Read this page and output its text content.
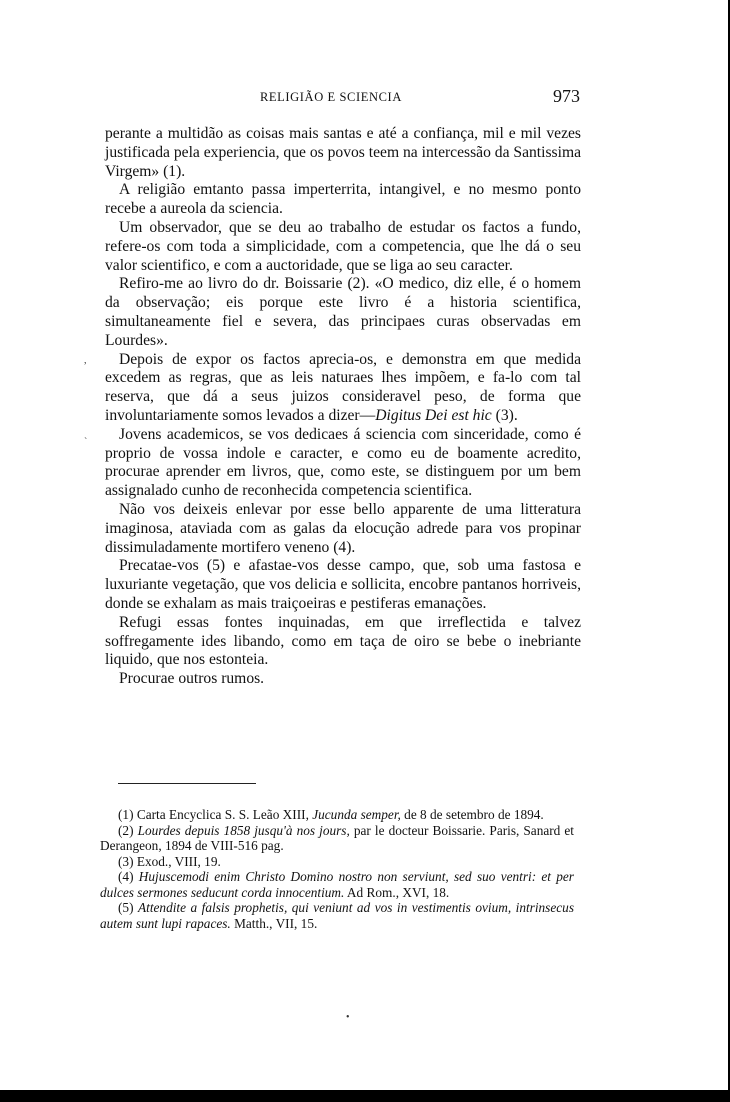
RELIGIÃO E SCIENCIA	973

perante a multidão as coisas mais santas e até a confiança, mil e mil vezes justificada pela experiencia, que os povos teem na intercessão da Santissima Virgem» (1).

A religião emtanto passa imperterrita, intangivel, e no mesmo ponto recebe a aureola da sciencia.

Um observador, que se deu ao trabalho de estudar os factos a fundo, refere-os com toda a simplicidade, com a competencia, que lhe dá o seu valor scientifico, e com a auctoridade, que se liga ao seu caracter.

Refiro-me ao livro do dr. Boissarie (2). «O medico, diz elle, é o homem da observação; eis porque este livro é a historia scientifica, simultaneamente fiel e severa, das principaes curas observadas em Lourdes».

Depois de expor os factos aprecia-os, e demonstra em que medida excedem as regras, que as leis naturaes lhes impõem, e fa-lo com tal reserva, que dá a seus juizos consideravel peso, de forma que involuntariamente somos levados a dizer—Digitus Dei est hic (3).

Jovens academicos, se vos dedicaes á sciencia com sinceridade, como é proprio de vossa indole e caracter, e como eu de boamente acredito, procurae aprender em livros, que, como este, se distinguem por um bem assignalado cunho de reconhecida competencia scientifica.

Não vos deixeis enlevar por esse bello apparente de uma litteratura imaginosa, ataviada com as galas da elocução adrede para vos propinar dissimuladamente mortifero veneno (4).

Precatae-vos (5) e afastae-vos desse campo, que, sob uma fastosa e luxuriante vegetação, que vos delicia e sollicita, encobre pantanos horriveis, donde se exhalam as mais traiçoeiras e pestiferas emanações.

Refugi essas fontes inquinadas, em que irreflectida e talvez soffregamente ides libando, como em taça de oiro se bebe o inebriante liquido, que nos estonteia.

Procurae outros rumos.

(1) Carta Encyclica S. S. Leão XIII, Jucunda semper, de 8 de setembro de 1894.

(2) Lourdes depuis 1858 jusqu'à nos jours, par le docteur Boissarie. Paris, Sanard et Derangeon, 1894 de VIII-516 pag.

(3) Exod., VIII, 19.

(4) Hujuscemodi enim Christo Domino nostro non serviunt, sed suo ventri: et per dulces sermones seducunt corda innocentium. Ad Rom., XVI, 18.

(5) Attendite a falsis prophetis, qui veniunt ad vos in vestimentis ovium, intrinsecus autem sunt lupi rapaces. Matth., VII, 15.

,
`
•
